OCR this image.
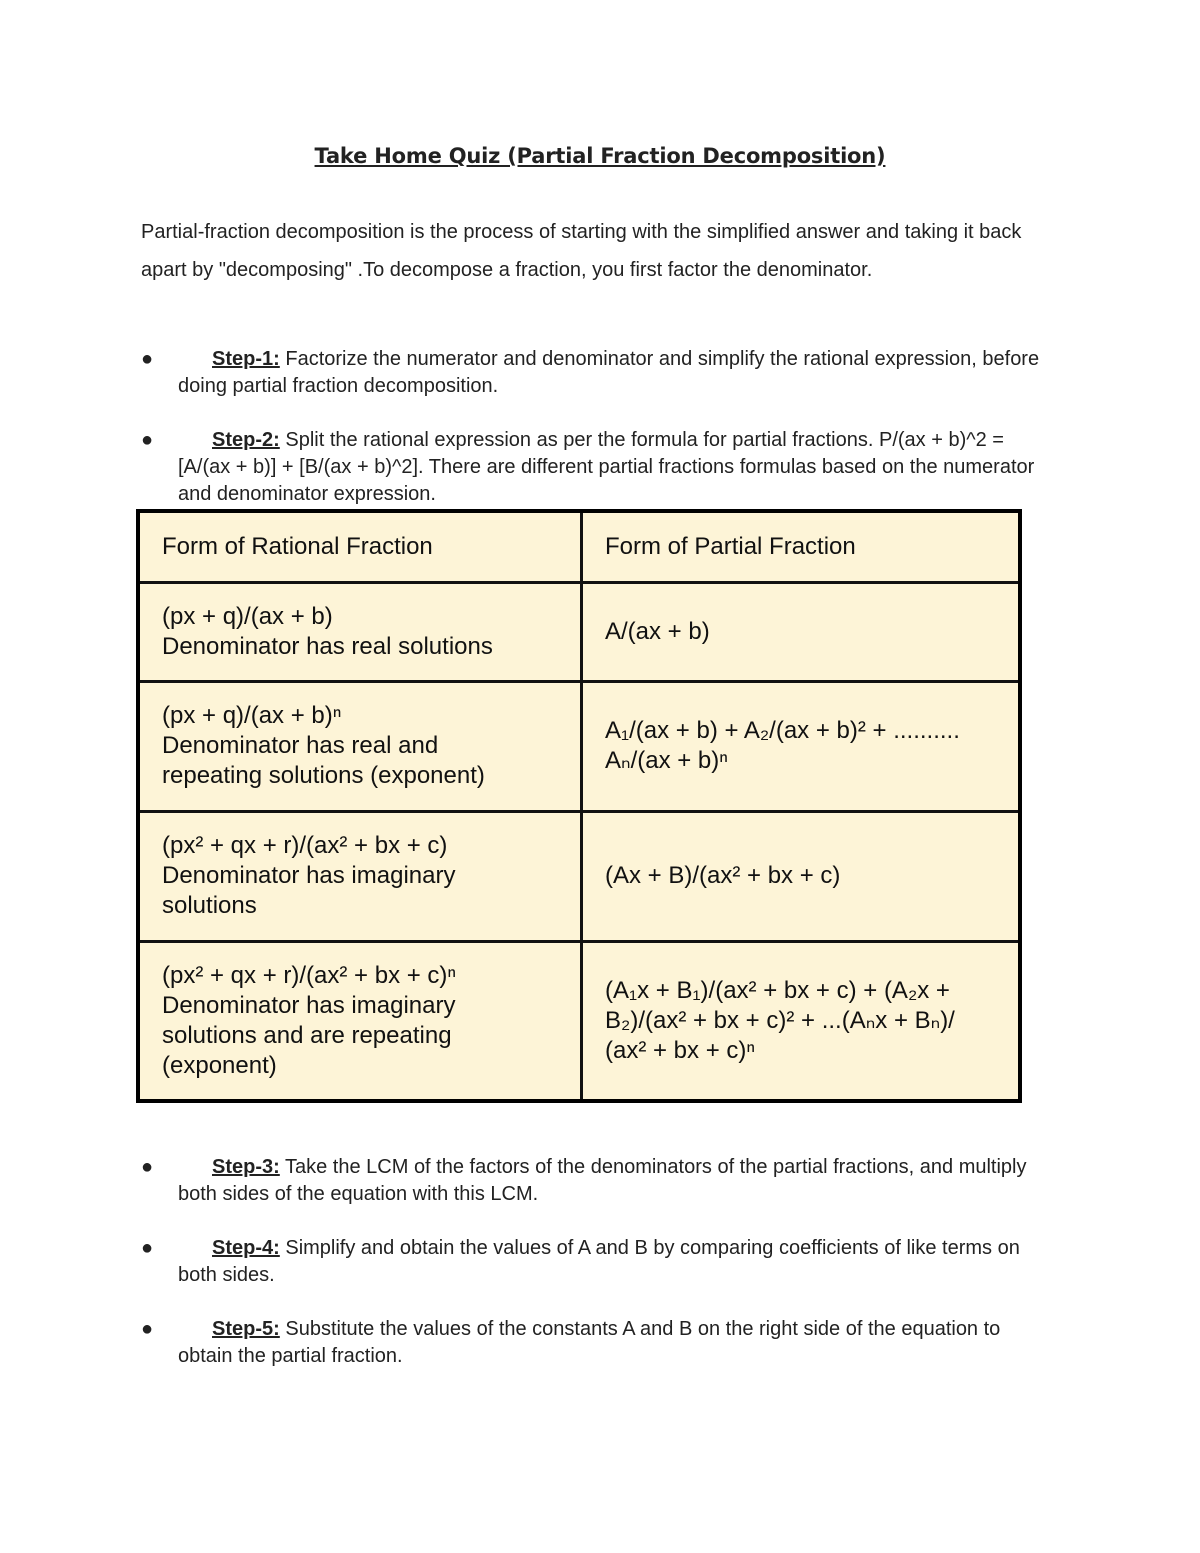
Take Home Quiz (Partial Fraction Decomposition)

Partial-fraction decomposition is the process of starting with the simplified answer and taking it back apart by "decomposing" .To decompose a fraction, you first factor the denominator.

●	Step-1: Factorize the numerator and denominator and simplify the rational expression, before doing partial fraction decomposition.
●	Step-2: Split the rational expression as per the formula for partial fractions. P/(ax + b)^2 = [A/(ax + b)] + [B/(ax + b)^2]. There are different partial fractions formulas based on the numerator and denominator expression.
Form of Rational Fraction	Form of Partial Fraction

(px + q)/(ax + b)
Denominator has real solutions	A/(ax + b)

(px + q)/(ax + b)ⁿ
Denominator has real and
repeating solutions (exponent)	A₁/(ax + b) + A₂/(ax + b)² + ..........
Aₙ/(ax + b)ⁿ

(px² + qx + r)/(ax² + bx + c)
Denominator has imaginary
solutions	(Ax + B)/(ax² + bx + c)

(px² + qx + r)/(ax² + bx + c)ⁿ
Denominator has imaginary
solutions and are repeating
(exponent)	(A₁x + B₁)/(ax² + bx + c) + (A₂x +
B₂)/(ax² + bx + c)² + ...(Aₙx + Bₙ)/
(ax² + bx + c)ⁿ
●	Step-3: Take the LCM of the factors of the denominators of the partial fractions, and multiply both sides of the equation with this LCM.
●	Step-4: Simplify and obtain the values of A and B by comparing coefficients of like terms on both sides.
●	Step-5: Substitute the values of the constants A and B on the right side of the equation to obtain the partial fraction.
